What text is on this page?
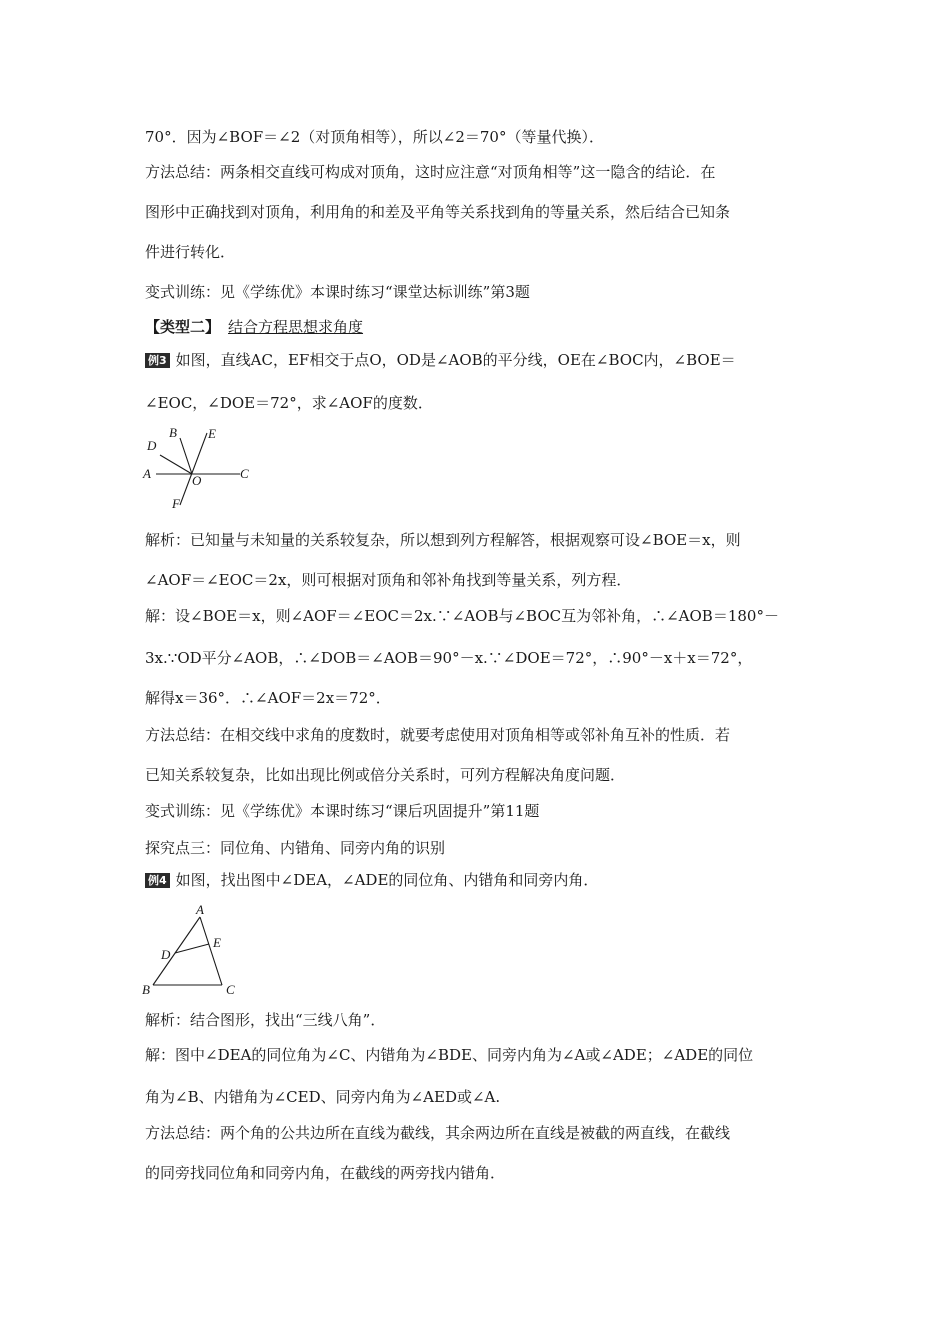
70°．因为∠BOF＝∠2（对顶角相等），所以∠2＝70°（等量代换）．
方法总结：两条相交直线可构成对顶角，这时应注意“对顶角相等”这一隐含的结论．在
图形中正确找到对顶角，利用角的和差及平角等关系找到角的等量关系，然后结合已知条
件进行转化．
变式训练：见《学练优》本课时练习“课堂达标训练”第3题
【类型二】 结合方程思想求角度
例3 如图，直线AC，EF相交于点O，OD是∠AOB的平分线，OE在∠BOC内，∠BOE＝
∠EOC，∠DOE＝72°，求∠AOF的度数．
A
B
C
D
E
F
O
解析：已知量与未知量的关系较复杂，所以想到列方程解答，根据观察可设∠BOE＝x，则
∠AOF＝∠EOC＝2x，则可根据对顶角和邻补角找到等量关系，列方程．
解：设∠BOE＝x，则∠AOF＝∠EOC＝2x.∵∠AOB与∠BOC互为邻补角，∴∠AOB＝180°－
3x.∵OD平分∠AOB，∴∠DOB＝∠AOB＝90°－x.∵∠DOE＝72°，∴90°－x＋x＝72°，
解得x＝36°．∴∠AOF＝2x＝72°．
方法总结：在相交线中求角的度数时，就要考虑使用对顶角相等或邻补角互补的性质．若
已知关系较复杂，比如出现比例或倍分关系时，可列方程解决角度问题．
变式训练：见《学练优》本课时练习“课后巩固提升”第11题
探究点三：同位角、内错角、同旁内角的识别
例4 如图，找出图中∠DEA，∠ADE的同位角、内错角和同旁内角．
A
B	C
D
E
解析：结合图形，找出“三线八角”．
解：图中∠DEA的同位角为∠C、内错角为∠BDE、同旁内角为∠A或∠ADE；∠ADE的同位
角为∠B、内错角为∠CED、同旁内角为∠AED或∠A.
方法总结：两个角的公共边所在直线为截线，其余两边所在直线是被截的两直线，在截线
的同旁找同位角和同旁内角，在截线的两旁找内错角．
